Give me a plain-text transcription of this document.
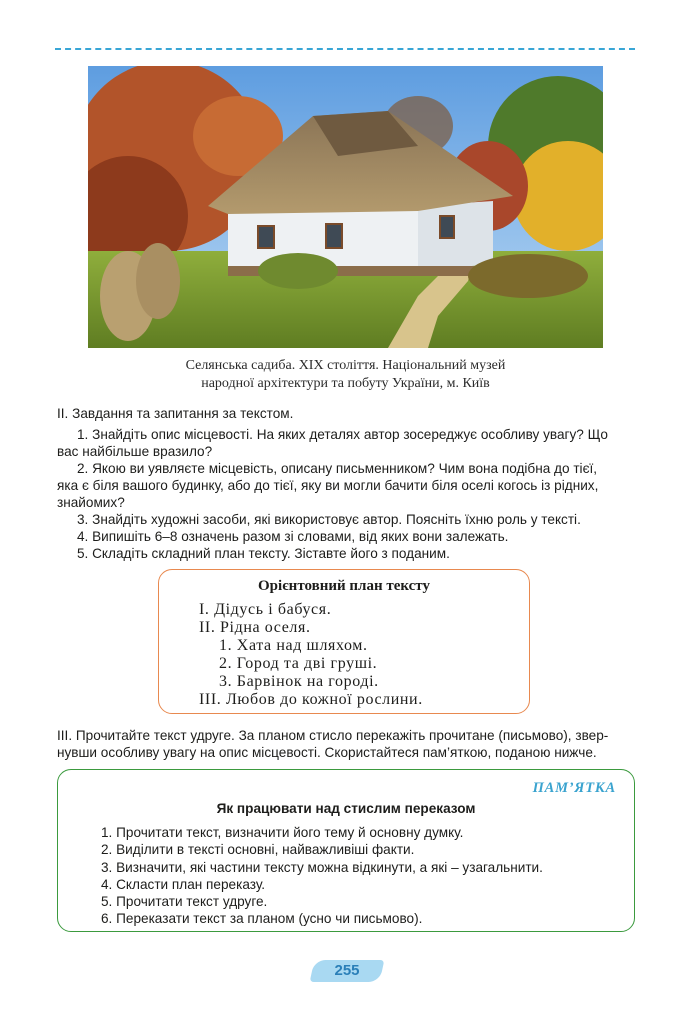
Селянська садиба. XIX століття. Національний музей
народної архітектури та побуту України, м. Київ
ІІ. Завдання та запитання за текстом.

1. Знайдіть опис місцевості. На яких деталях автор зосереджує особливу увагу? Що
вас найбільше вразило?

2. Якою ви уявляєте місцевість, описану письменником? Чим вона подібна до тієї,
яка є біля вашого будинку, або до тієї, яку ви могли бачити біля оселі когось із рідних,
знайомих?

3. Знайдіть художні засоби, які використовує автор. Поясніть їхню роль у тексті.

4. Випишіть 6–8 означень разом зі словами, від яких вони залежать.

5. Складіть складний план тексту. Зіставте його з поданим.

Орієнтовний план тексту
І. Дідусь і бабуся.
ІІ. Рідна оселя.
1. Хата над шляхом.
2. Город та дві груші.
3. Барвінок на городі.
ІІІ. Любов до кожної рослини.
ІІІ. Прочитайте текст удруге. За планом стисло перекажіть прочитане (письмово), звер-
нувши особливу увагу на опис місцевості. Скористайтеся пам’яткою, поданою нижче.
ПАМ’ЯТКА
Як працювати над стислим переказом
1. Прочитати текст, визначити його тему й основну думку.
2. Виділити в тексті основні, найважливіші факти.
3. Визначити, які частини тексту можна відкинути, а які – узагальнити.
4. Скласти план переказу.
5. Прочитати текст удруге.
6. Переказати текст за планом (усно чи письмово).
255
